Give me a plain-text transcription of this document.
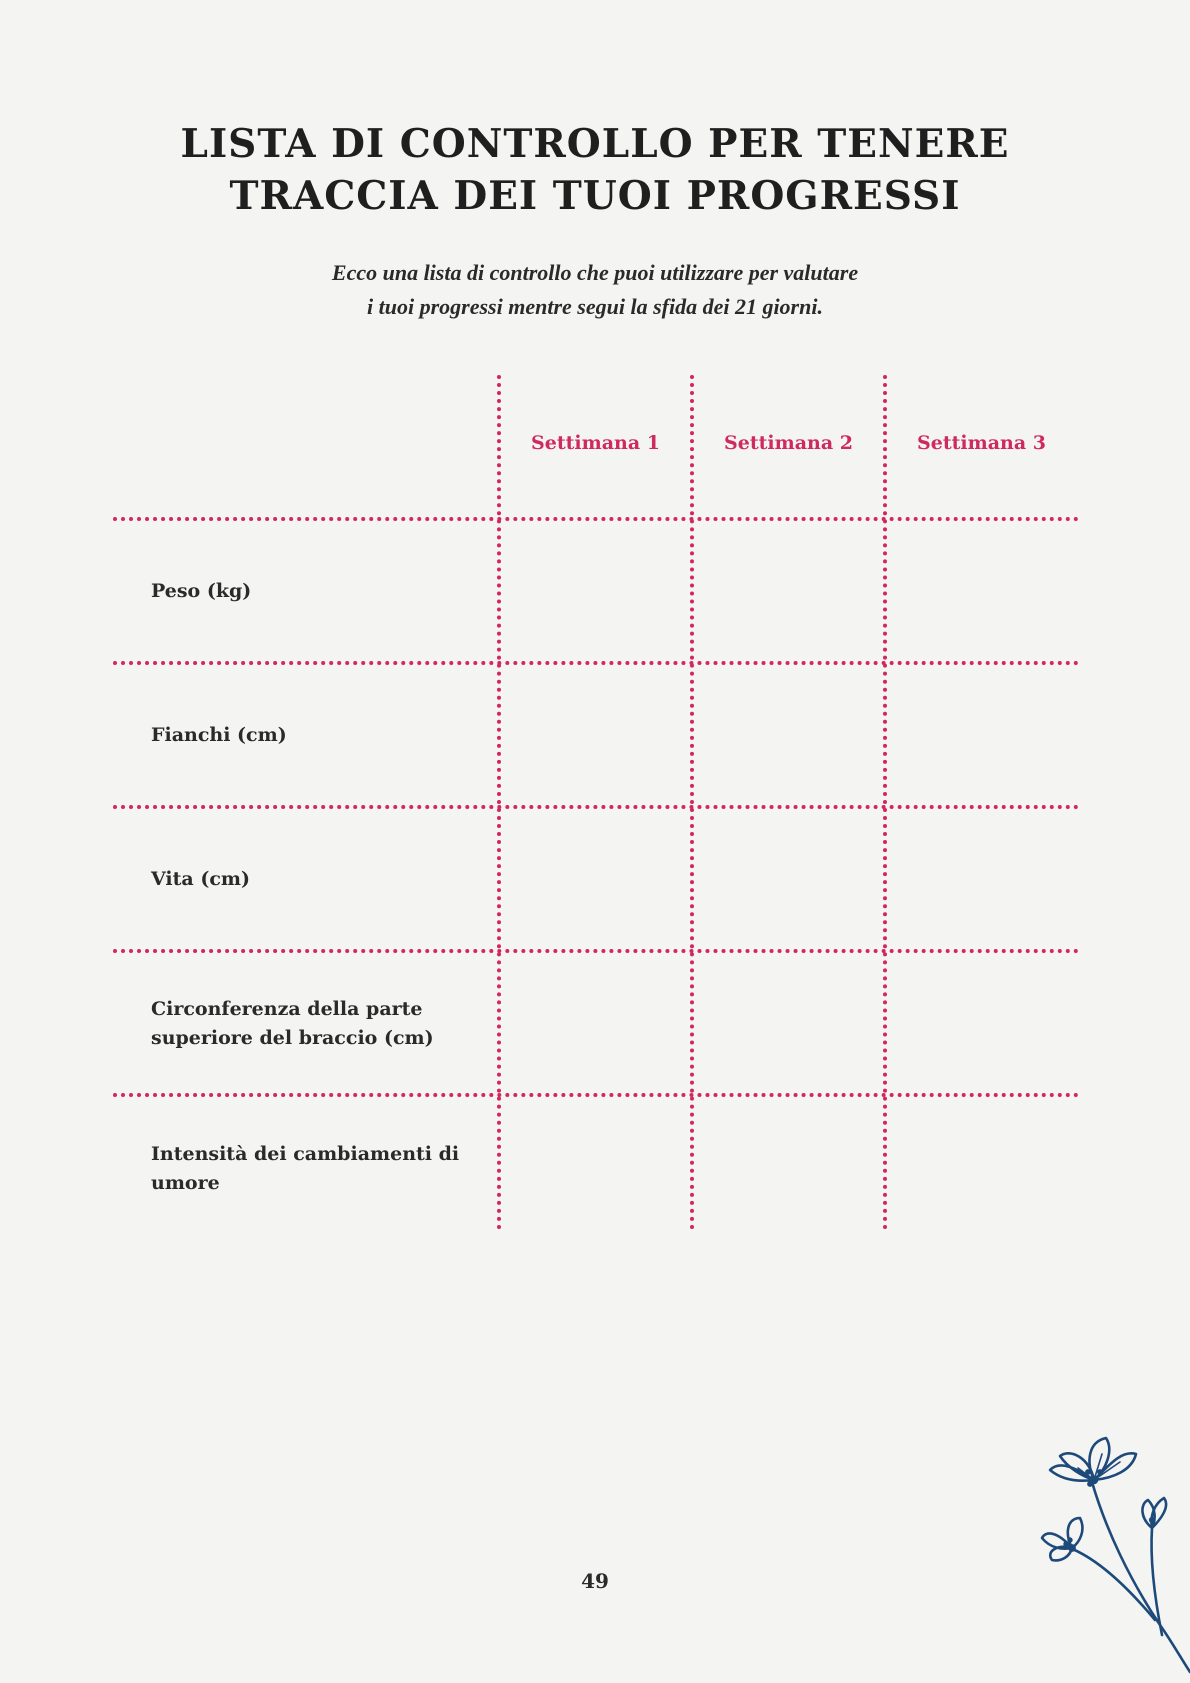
LISTA DI CONTROLLO PER TENERE
TRACCIA DEI TUOI PROGRESSI

Ecco una lista di controllo che puoi utilizzare per valutare
i tuoi progressi mentre segui la sfida dei 21 giorni.

Settimana 1	Settimana 2	Settimana 3
Peso (kg)
Fianchi (cm)
Vita (cm)
Circonferenza della parte
superiore del braccio (cm)
Intensità dei cambiamenti di
umore
49
